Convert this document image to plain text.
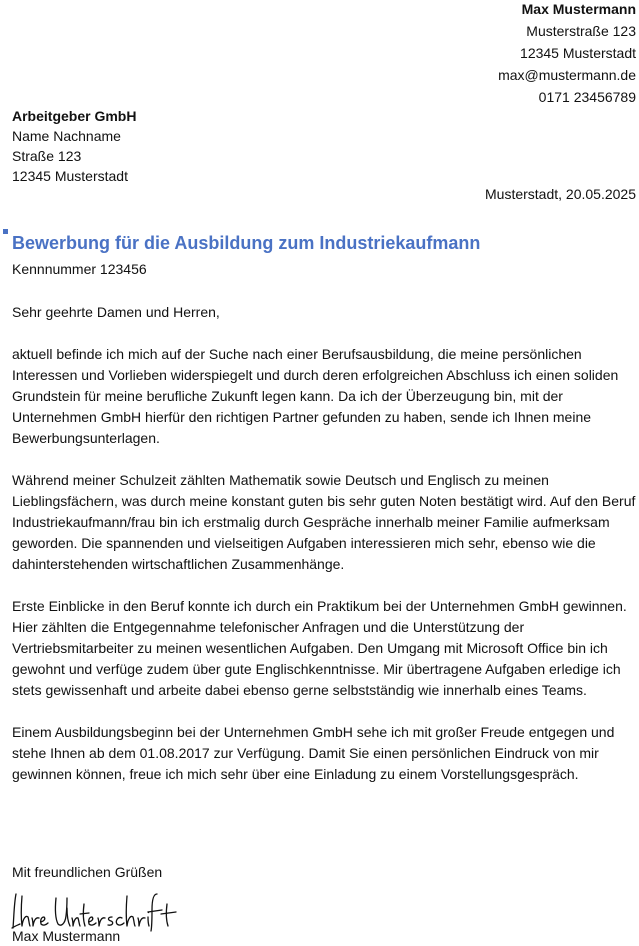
Max Mustermann
Musterstraße 123
12345 Musterstadt
max@mustermann.de
0171 23456789
Arbeitgeber GmbH
Name Nachname
Straße 123
12345 Musterstadt
Musterstadt, 20.05.2025
Bewerbung für die Ausbildung zum Industriekaufmann
Kennnummer 123456
Sehr geehrte Damen und Herren,

aktuell befinde ich mich auf der Suche nach einer Berufsausbildung, die meine persönlichen Interessen und Vorlieben widerspiegelt und durch deren erfolgreichen Abschluss ich einen soliden Grundstein für meine berufliche Zukunft legen kann. Da ich der Überzeugung bin, mit der Unternehmen GmbH hierfür den richtigen Partner gefunden zu haben, sende ich Ihnen meine Bewerbungsunterlagen.

Während meiner Schulzeit zählten Mathematik sowie Deutsch und Englisch zu meinen Lieblingsfächern, was durch meine konstant guten bis sehr guten Noten bestätigt wird. Auf den Beruf Industriekaufmann/frau bin ich erstmalig durch Gespräche innerhalb meiner Familie aufmerksam geworden. Die spannenden und vielseitigen Aufgaben interessieren mich sehr, ebenso wie die dahinterstehenden wirtschaftlichen Zusammenhänge.

Erste Einblicke in den Beruf konnte ich durch ein Praktikum bei der Unternehmen GmbH gewinnen. Hier zählten die Entgegennahme telefonischer Anfragen und die Unterstützung der Vertriebsmitarbeiter zu meinen wesentlichen Aufgaben. Den Umgang mit Microsoft Office bin ich gewohnt und verfüge zudem über gute Englischkenntnisse. Mir übertragene Aufgaben erledige ich stets gewissenhaft und arbeite dabei ebenso gerne selbstständig wie innerhalb eines Teams.

Einem Ausbildungsbeginn bei der Unternehmen GmbH sehe ich mit großer Freude entgegen und stehe Ihnen ab dem 01.08.2017 zur Verfügung. Damit Sie einen persönlichen Eindruck von mir gewinnen können, freue ich mich sehr über eine Einladung zu einem Vorstellungsgespräch.

Mit freundlichen Grüßen
Ihre Unterschrift
Max Mustermann
